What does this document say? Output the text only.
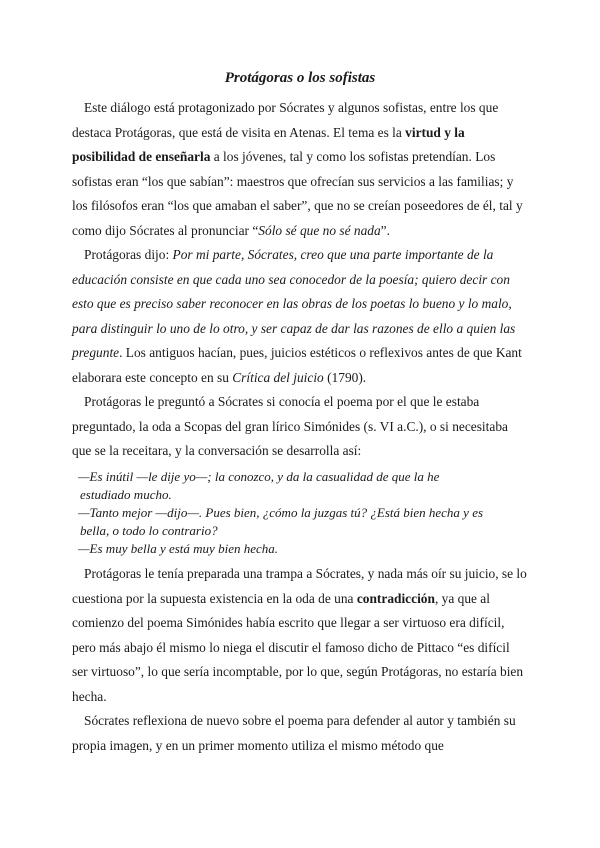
Protágoras o los sofistas

Este diálogo está protagonizado por Sócrates y algunos sofistas, entre los que destaca Protágoras, que está de visita en Atenas. El tema es la virtud y la posibilidad de enseñarla a los jóvenes, tal y como los sofistas pretendían. Los sofistas eran “los que sabían”: maestros que ofrecían sus servicios a las familias; y los filósofos eran “los que amaban el saber”, que no se creían poseedores de él, tal y como dijo Sócrates al pronunciar “Sólo sé que no sé nada”.

Protágoras dijo: Por mi parte, Sócrates, creo que una parte importante de la educación consiste en que cada uno sea conocedor de la poesía; quiero decir con esto que es preciso saber reconocer en las obras de los poetas lo bueno y lo malo, para distinguir lo uno de lo otro, y ser capaz de dar las razones de ello a quien las pregunte. Los antiguos hacían, pues, juicios estéticos o reflexivos antes de que Kant elaborara este concepto en su Crítica del juicio (1790).

Protágoras le preguntó a Sócrates si conocía el poema por el que le estaba preguntado, la oda a Scopas del gran lírico Simónides (s. VI a.C.), o si necesitaba que se la receitara, y la conversación se desarrolla así:

—Es inútil —le dije yo—; la conozco, y da la casualidad de que la he
estudiado mucho.
—Tanto mejor —dijo—. Pues bien, ¿cómo la juzgas tú? ¿Está bien hecha y es
bella, o todo lo contrario?
—Es muy bella y está muy bien hecha.

Protágoras le tenía preparada una trampa a Sócrates, y nada más oír su juicio, se lo cuestiona por la supuesta existencia en la oda de una contradicción, ya que al comienzo del poema Simónides había escrito que llegar a ser virtuoso era difícil, pero más abajo él mismo lo niega el discutir el famoso dicho de Pittaco “es difícil ser virtuoso”, lo que sería incomptable, por lo que, según Protágoras, no estaría bien hecha.

Sócrates reflexiona de nuevo sobre el poema para defender al autor y también su propia imagen, y en un primer momento utiliza el mismo método que
